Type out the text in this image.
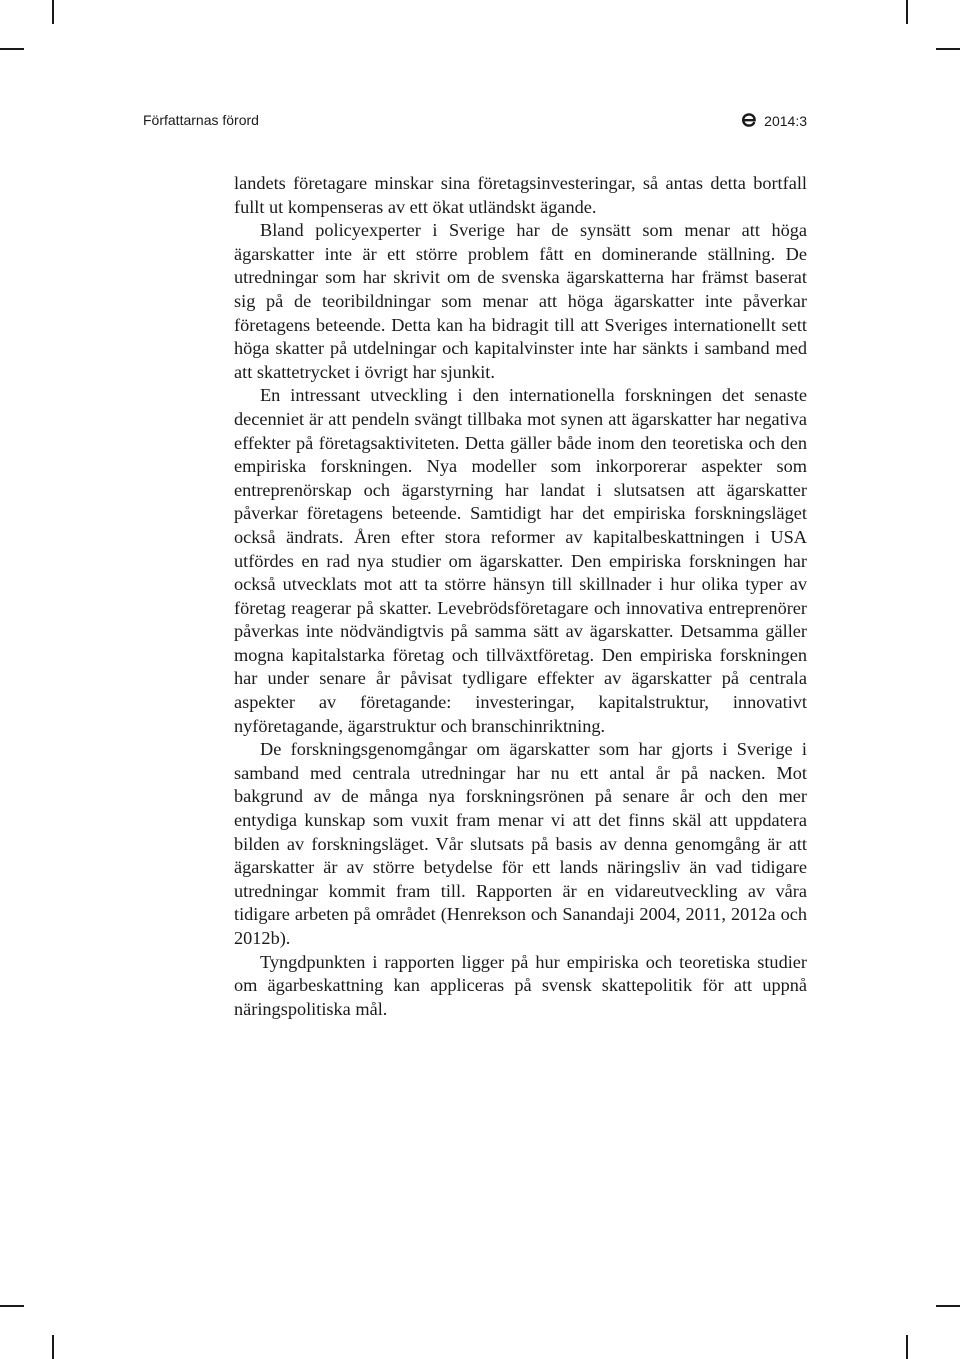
Författarnas förord	2014:3

landets företagare minskar sina företagsinvesteringar, så antas detta bortfall fullt ut kompenseras av ett ökat utländskt ägande.

Bland policyexperter i Sverige har de synsätt som menar att höga ägarskatter inte är ett större problem fått en dominerande ställning. De utredningar som har skrivit om de svenska ägarskatterna har främst baserat sig på de teoribildningar som menar att höga ägarskatter inte påverkar företagens beteende. Detta kan ha bidragit till att Sveriges internationellt sett höga skatter på utdelningar och kapitalvinster inte har sänkts i samband med att skattetrycket i övrigt har sjunkit.

En intressant utveckling i den internationella forskningen det senaste decenniet är att pendeln svängt tillbaka mot synen att ägarskatter har negativa effekter på företagsaktiviteten. Detta gäller både inom den teoretiska och den empiriska forskningen. Nya modeller som inkorporerar aspekter som entreprenörskap och ägarstyrning har landat i slutsatsen att ägarskatter påverkar företagens beteende. Samtidigt har det empiriska forskningsläget också ändrats. Åren efter stora reformer av kapitalbeskattningen i USA utfördes en rad nya studier om ägarskatter. Den empiriska forskningen har också utvecklats mot att ta större hänsyn till skillnader i hur olika typer av företag reagerar på skatter. Levebrödsföretagare och innovativa entreprenörer påverkas inte nödvändigtvis på samma sätt av ägarskatter. Detsamma gäller mogna kapitalstarka företag och tillväxtföretag. Den empiriska forskningen har under senare år påvisat tydligare effekter av ägarskatter på centrala aspekter av företagande: investeringar, kapitalstruktur, innovativt nyföretagande, ägarstruktur och branschinriktning.

De forskningsgenomgångar om ägarskatter som har gjorts i Sverige i samband med centrala utredningar har nu ett antal år på nacken. Mot bakgrund av de många nya forskningsrönen på senare år och den mer entydiga kunskap som vuxit fram menar vi att det finns skäl att uppdatera bilden av forskningsläget. Vår slutsats på basis av denna genomgång är att ägarskatter är av större betydelse för ett lands näringsliv än vad tidigare utredningar kommit fram till. Rapporten är en vidareutveckling av våra tidigare arbeten på området (Henrekson och Sanandaji 2004, 2011, 2012a och 2012b).

Tyngdpunkten i rapporten ligger på hur empiriska och teoretiska studier om ägarbeskattning kan appliceras på svensk skattepolitik för att uppnå näringspolitiska mål.
